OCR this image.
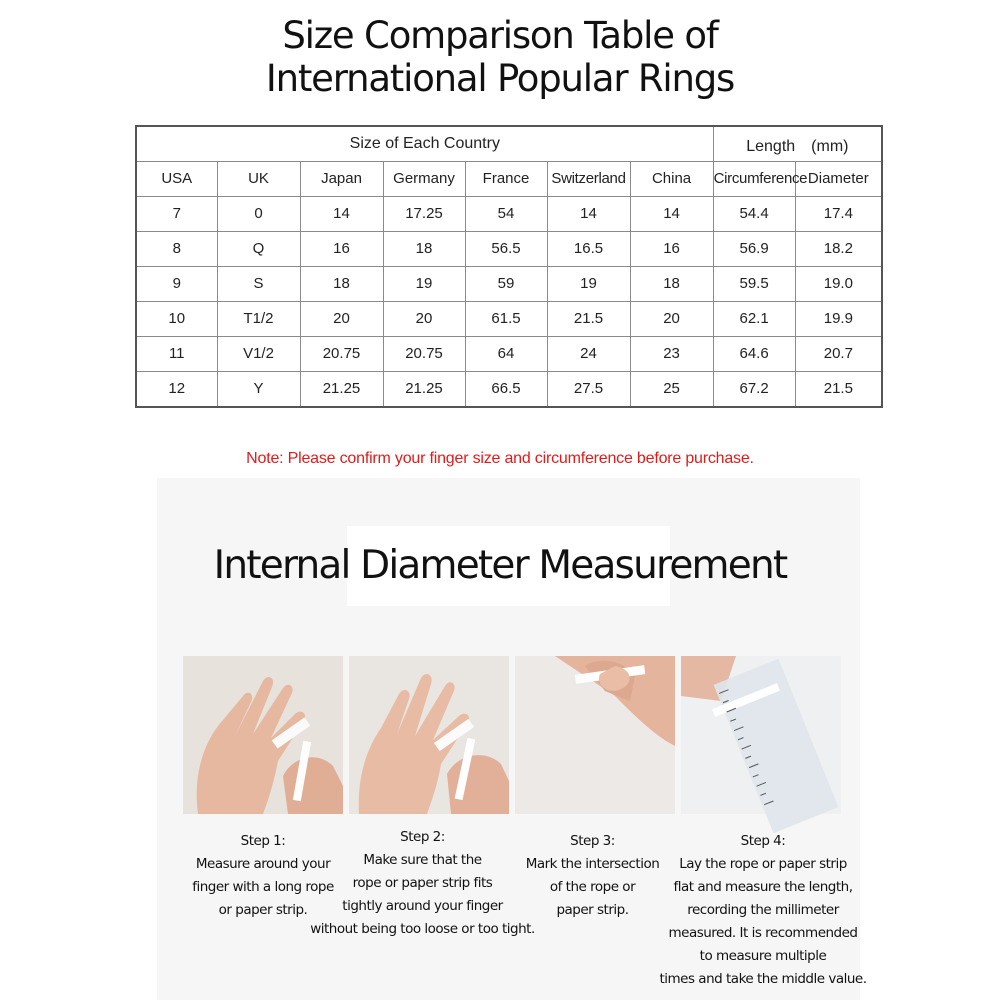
Size Comparison Table of
International Popular Rings
Size of Each Country							Length　(mm)	
USA	UK	Japan	Germany	France	Switzerland	China	Circumference	Diameter
7	0	14	17.25	54	14	14	54.4	17.4
8	Q	16	18	56.5	16.5	16	56.9	18.2
9	S	18	19	59	19	18	59.5	19.0
10	T1/2	20	20	61.5	21.5	20	62.1	19.9
11	V1/2	20.75	20.75	64	24	23	64.6	20.7
12	Y	21.25	21.25	66.5	27.5	25	67.2	21.5
Note: Please confirm your finger size and circumference before purchase.
Internal Diameter Measurement
Step 1:
Measure around your
finger with a long rope
or paper strip.
Step 2:
Make sure that the
rope or paper strip fits
tightly around your finger
without being too loose or too tight.
Step 3:
Mark the intersection
of the rope or
paper strip.
Step 4:
Lay the rope or paper strip
flat and measure the length,
recording the millimeter
measured. It is recommended
to measure multiple
times and take the middle value.
